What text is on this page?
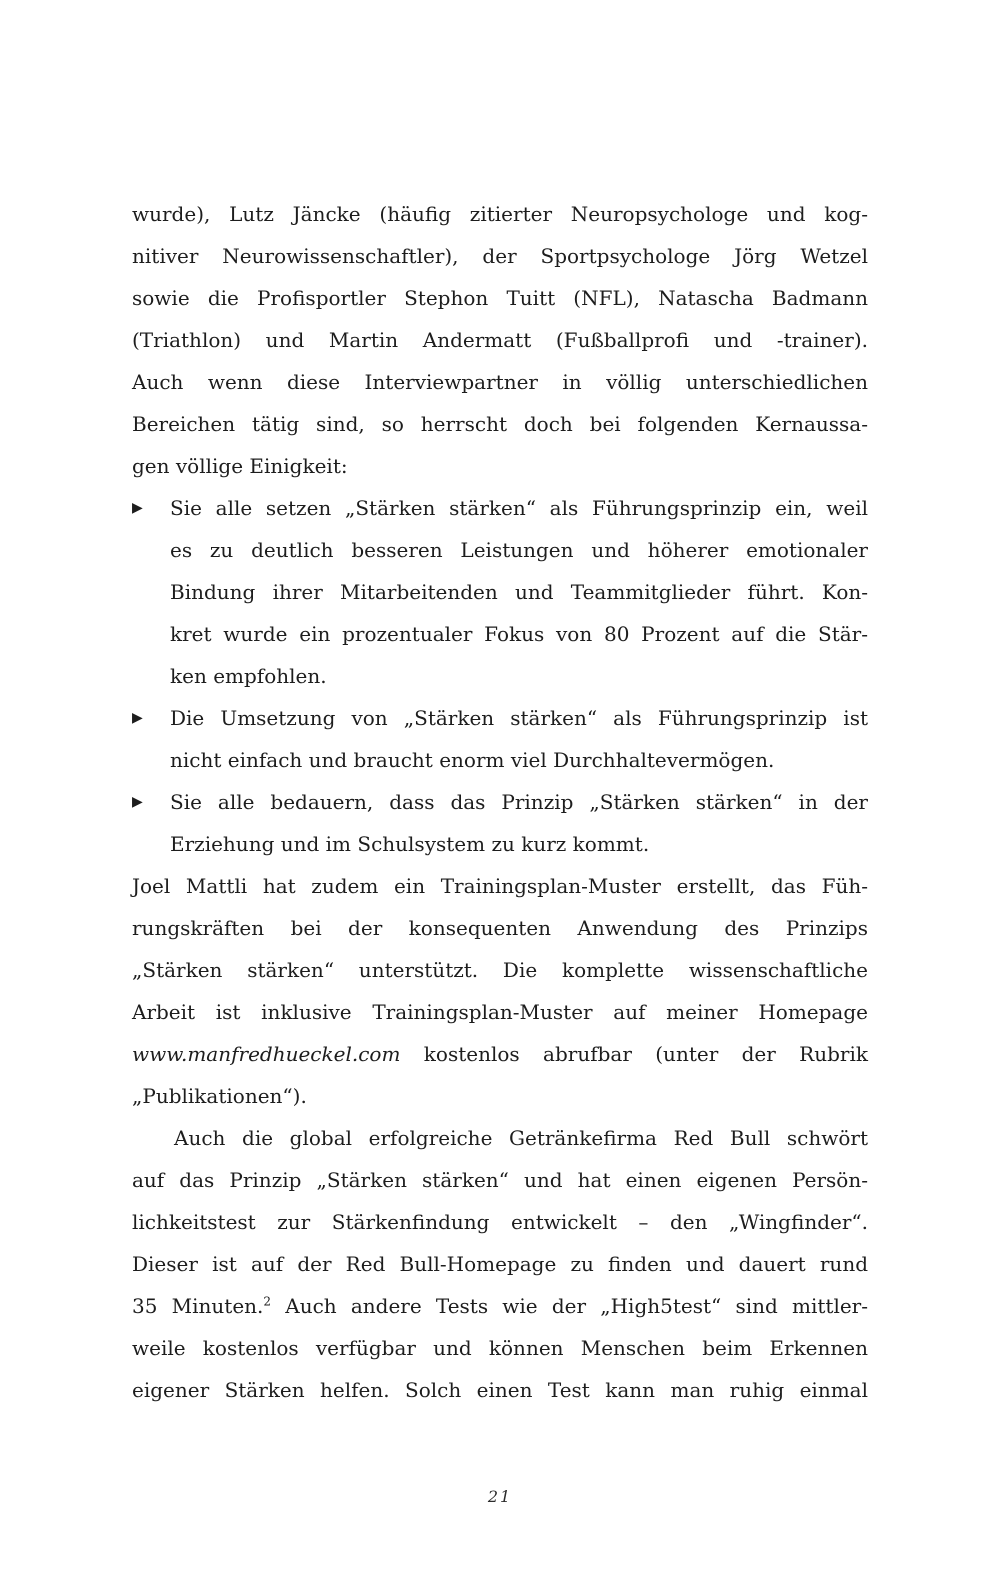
wurde), Lutz Jäncke (häufig zitierter Neuropsychologe und kog-
nitiver Neurowissenschaftler), der Sportpsychologe Jörg Wetzel
sowie die Profisportler Stephon Tuitt (NFL), Natascha Badmann
(Triathlon) und Martin Andermatt (Fußballprofi und -trainer).
Auch wenn diese Interviewpartner in völlig unterschiedlichen
Bereichen tätig sind, so herrscht doch bei folgenden Kernaussa-
gen völlige Einigkeit:
▶ Sie alle setzen „Stärken stärken“ als Führungsprinzip ein, weil
es zu deutlich besseren Leistungen und höherer emotionaler
Bindung ihrer Mitarbeitenden und Teammitglieder führt. Kon-
kret wurde ein prozentualer Fokus von 80 Prozent auf die Stär-
ken empfohlen.
▶ Die Umsetzung von „Stärken stärken“ als Führungsprinzip ist
nicht einfach und braucht enorm viel Durchhaltevermögen.
▶ Sie alle bedauern, dass das Prinzip „Stärken stärken“ in der
Erziehung und im Schulsystem zu kurz kommt.
Joel Mattli hat zudem ein Trainingsplan-Muster erstellt, das Füh-
rungskräften bei der konsequenten Anwendung des Prinzips
„Stärken stärken“ unterstützt. Die komplette wissenschaftliche
Arbeit ist inklusive Trainingsplan-Muster auf meiner Homepage
www.manfredhueckel.com kostenlos abrufbar (unter der Rubrik
„Publikationen“).
Auch die global erfolgreiche Getränkefirma Red Bull schwört
auf das Prinzip „Stärken stärken“ und hat einen eigenen Persön-
lichkeitstest zur Stärkenfindung entwickelt – den „Wingfinder“.
Dieser ist auf der Red Bull-Homepage zu finden und dauert rund
35 Minuten.$^2$ Auch andere Tests wie der „High5test“ sind mittler-
weile kostenlos verfügbar und können Menschen beim Erkennen
eigener Stärken helfen. Solch einen Test kann man ruhig einmal
21
